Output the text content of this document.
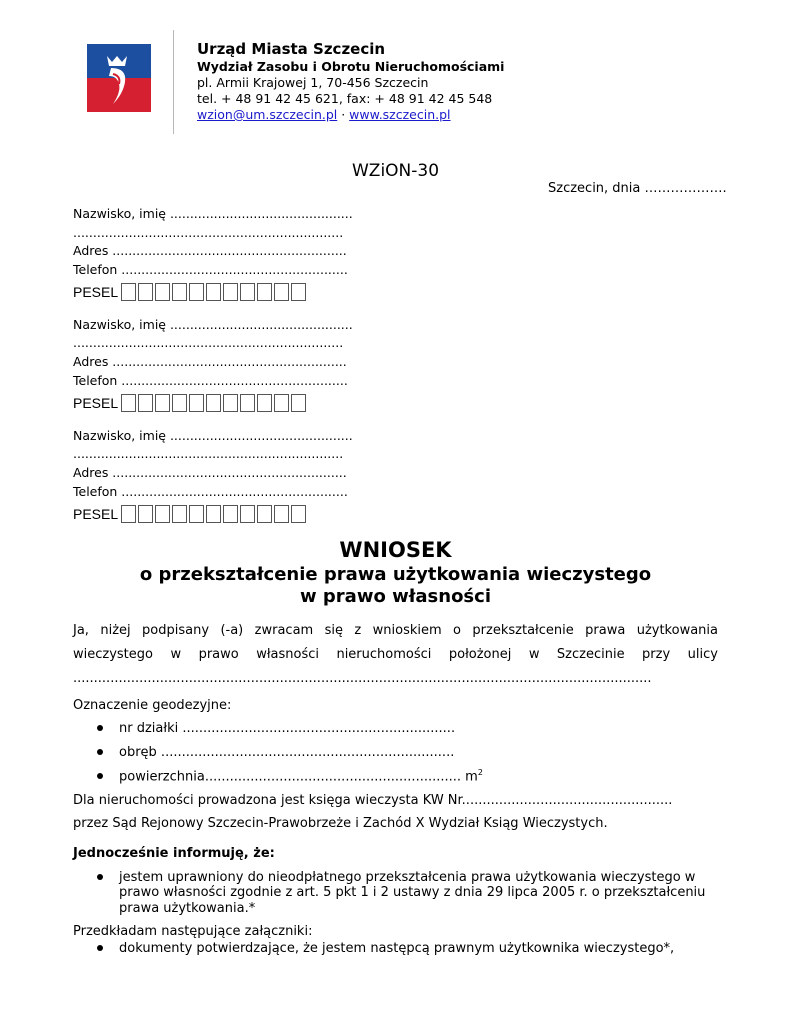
Urząd Miasta Szczecin
Wydział Zasobu i Obrotu Nieruchomościami
pl. Armii Krajowej 1, 70-456 Szczecin
tel. + 48 91 42 45 621, fax: + 48 91 42 45 548
wzion@um.szczecin.pl · www.szczecin.pl
WZiON-30
Szczecin, dnia ……………….
Nazwisko, imię ..............................................
....................................................................
Adres ...........................................................
Telefon .........................................................
PESEL
Nazwisko, imię ..............................................
....................................................................
Adres ...........................................................
Telefon .........................................................
PESEL
Nazwisko, imię ..............................................
....................................................................
Adres ...........................................................
Telefon .........................................................
PESEL
WNIOSEK
o przekształcenie prawa użytkowania wieczystego
w prawo własności
Ja, niżej podpisany (-a) zwracam się z wnioskiem o przekształcenie prawa użytkowania
wieczystego w prawo własności nieruchomości położonej w Szczecinie przy ulicy
............................................................................................................................................
Oznaczenie geodezyjne:
nr działki ..................................................................
obręb .......................................................................
powierzchnia.............................................................. $m^2$
Dla nieruchomości prowadzona jest księga wieczysta KW Nr...................................................
przez Sąd Rejonowy Szczecin-Prawobrzeże i Zachód X Wydział Ksiąg Wieczystych.
Jednocześnie informuję, że:
jestem uprawniony do nieodpłatnego przekształcenia prawa użytkowania wieczystego w
prawo własności zgodnie z art. 5 pkt 1 i 2 ustawy z dnia 29 lipca 2005 r. o przekształceniu
prawa użytkowania.*
Przedkładam następujące załączniki:
dokumenty potwierdzające, że jestem następcą prawnym użytkownika wieczystego*,
